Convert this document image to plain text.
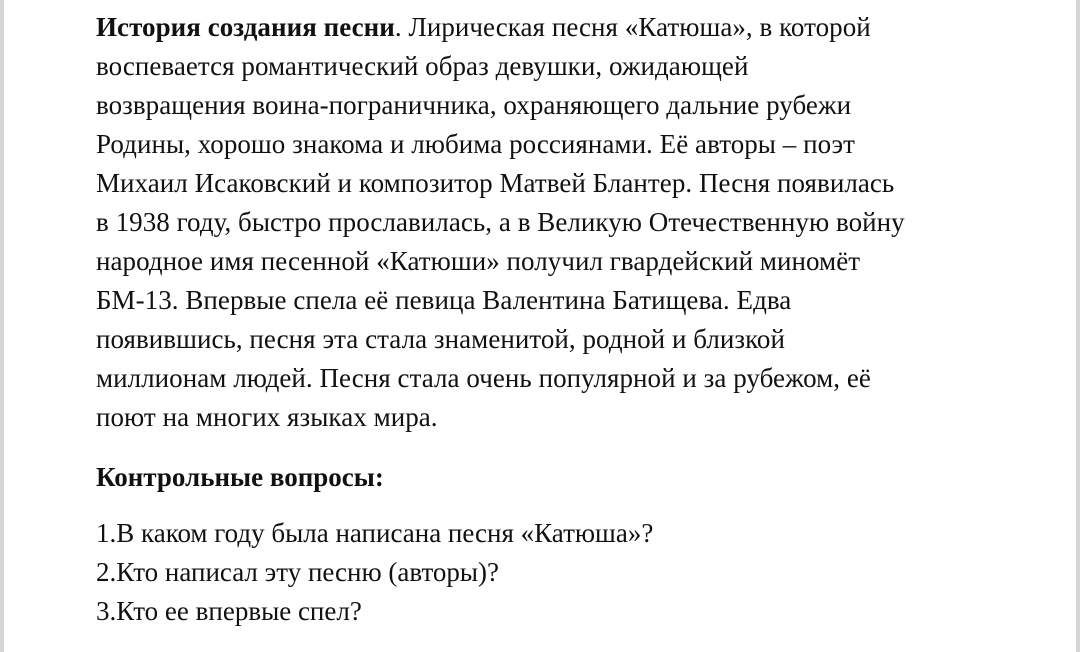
История создания песни. Лирическая песня «Катюша», в которой
воспевается романтический образ девушки, ожидающей
возвращения воина-пограничника, охраняющего дальние рубежи
Родины, хорошо знакома и любима россиянами. Её авторы – поэт
Михаил Исаковский и композитор Матвей Блантер. Песня появилась
в 1938 году, быстро прославилась, а в Великую Отечественную войну
народное имя песенной «Катюши» получил гвардейский миномёт
БМ-13. Впервые спела её певица Валентина Батищева. Едва
появившись, песня эта стала знаменитой, родной и близкой
миллионам людей. Песня стала очень популярной и за рубежом, её
поют на многих языках мира.

Контрольные вопросы:

1.В каком году была написана песня «Катюша»?
2.Кто написал эту песню (авторы)?
3.Кто ее впервые спел?
